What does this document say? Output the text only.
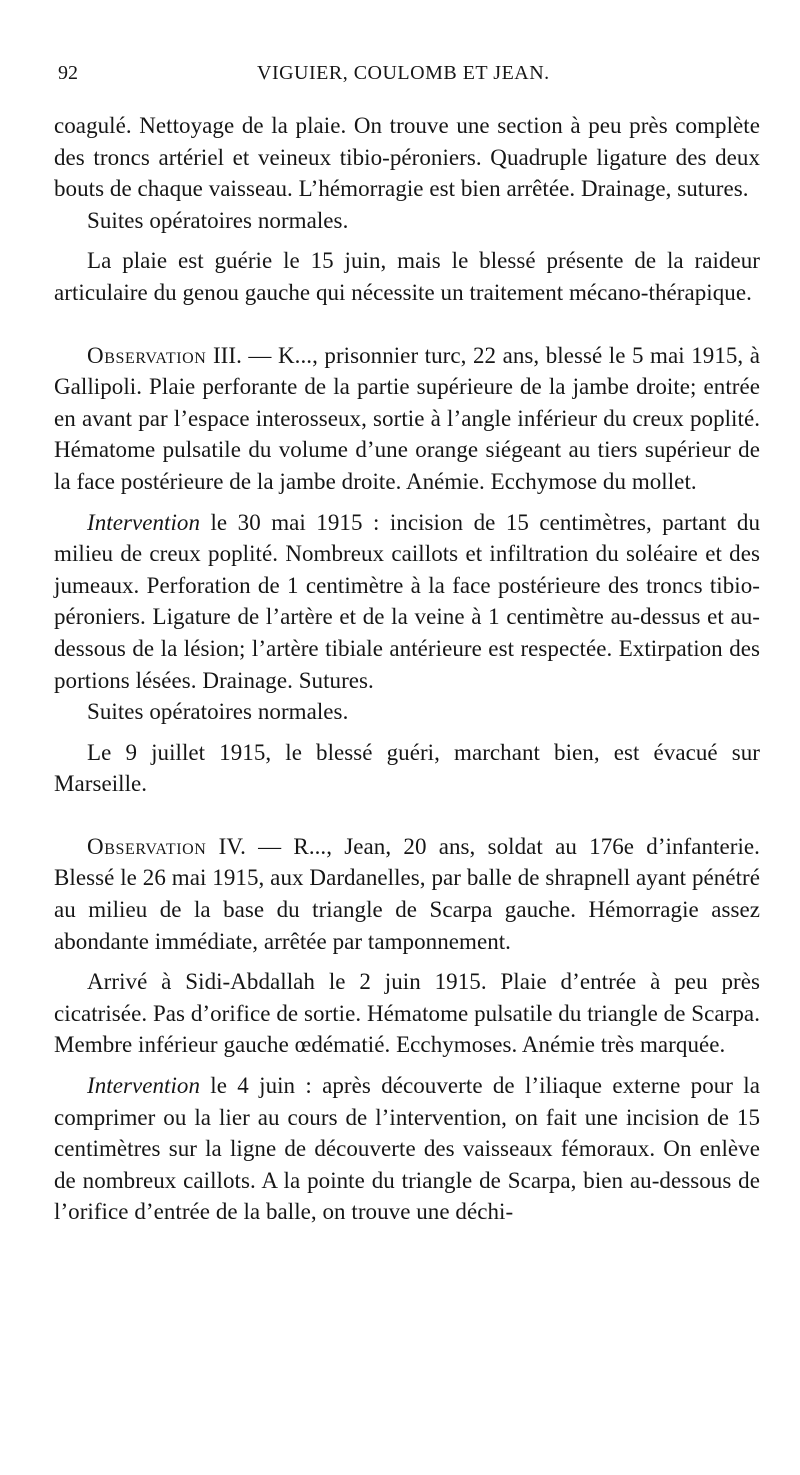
92	VIGUIER, COULOMB ET JEAN.

coagulé. Nettoyage de la plaie. On trouve une section à peu près complète des troncs artériel et veineux tibio-péroniers. Quadruple ligature des deux bouts de chaque vaisseau. L’hémorragie est bien arrêtée. Drainage, sutures.

Suites opératoires normales.

La plaie est guérie le 15 juin, mais le blessé présente de la raideur articulaire du genou gauche qui nécessite un traitement mécano-thérapique.

Observation III. — K..., prisonnier turc, 22 ans, blessé le 5 mai 1915, à Gallipoli. Plaie perforante de la partie supérieure de la jambe droite; entrée en avant par l’espace interosseux, sortie à l’angle inférieur du creux poplité. Hématome pulsatile du volume d’une orange siégeant au tiers supérieur de la face postérieure de la jambe droite. Anémie. Ecchymose du mollet.

Intervention le 30 mai 1915 : incision de 15 centimètres, partant du milieu de creux poplité. Nombreux caillots et infiltration du soléaire et des jumeaux. Perforation de 1 centimètre à la face postérieure des troncs tibio-péroniers. Ligature de l’artère et de la veine à 1 centimètre au-dessus et au-dessous de la lésion; l’artère tibiale antérieure est respectée. Extirpation des portions lésées. Drainage. Sutures.

Suites opératoires normales.

Le 9 juillet 1915, le blessé guéri, marchant bien, est évacué sur Marseille.

Observation IV. — R..., Jean, 20 ans, soldat au 176e d’infanterie. Blessé le 26 mai 1915, aux Dardanelles, par balle de shrapnell ayant pénétré au milieu de la base du triangle de Scarpa gauche. Hémorragie assez abondante immédiate, arrêtée par tamponnement.

Arrivé à Sidi-Abdallah le 2 juin 1915. Plaie d’entrée à peu près cicatrisée. Pas d’orifice de sortie. Hématome pulsatile du triangle de Scarpa. Membre inférieur gauche œdématié. Ecchymoses. Anémie très marquée.

Intervention le 4 juin : après découverte de l’iliaque externe pour la comprimer ou la lier au cours de l’intervention, on fait une incision de 15 centimètres sur la ligne de découverte des vaisseaux fémoraux. On enlève de nombreux caillots. A la pointe du triangle de Scarpa, bien au-dessous de l’orifice d’entrée de la balle, on trouve une déchi-
